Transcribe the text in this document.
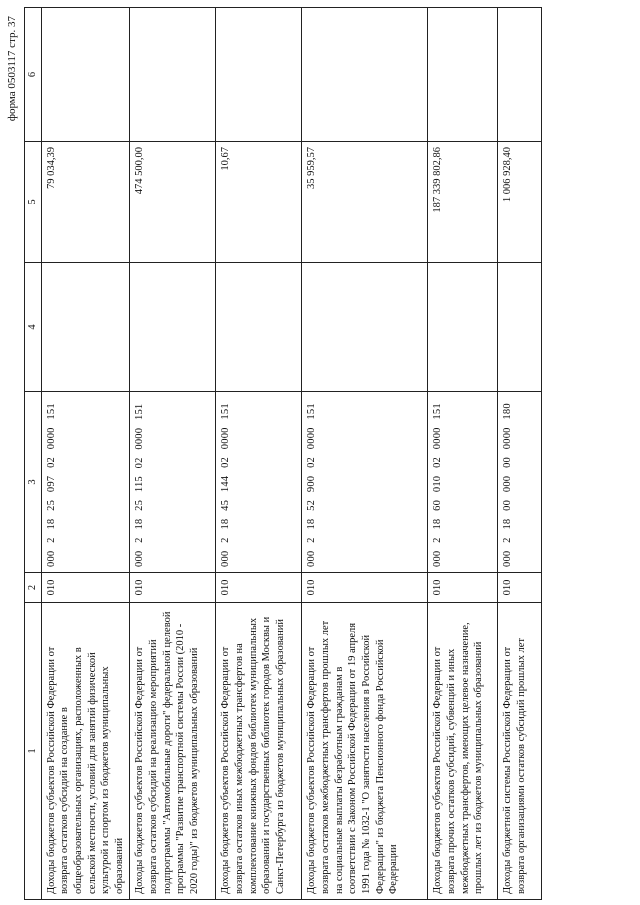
форма 0503117 стр. 37
1	2	3	4	5	6
Доходы бюджетов субъектов Российской Федерации от возврата остатков субсидий на создание в общеобразовательных организациях, расположенных в сельской местности, условий для занятий физической культурой и спортом из бюджетов муниципальных образований	010	000 2 18 25 097 02 0000 151		79 034,39	
Доходы бюджетов субъектов Российской Федерации от возврата остатков субсидий на реализацию мероприятий подпрограммы "Автомобильные дороги" федеральной целевой программы "Развитие транспортной системы России (2010 - 2020 годы)" из бюджетов муниципальных образований	010	000 2 18 25 115 02 0000 151		474 500,00	
Доходы бюджетов субъектов Российской Федерации от возврата остатков иных межбюджетных трансфертов на комплектование книжных фондов библиотек муниципальных образований и государственных библиотек городов Москвы и Санкт-Петербурга из бюджетов муниципальных образований	010	000 2 18 45 144 02 0000 151		10,67	
Доходы бюджетов субъектов Российской Федерации от возврата остатков межбюджетных трансфертов прошлых лет на социальные выплаты безработным гражданам в соответствии с Законом Российской Федерации от 19 апреля 1991 года № 1032-1 "О занятости населения в Российской Федерации" из бюджета Пенсионного фонда Российской Федерации	010	000 2 18 52 900 02 0000 151		35 959,57	
Доходы бюджетов субъектов Российской Федерации от возврата прочих остатков субсидий, субвенций и иных межбюджетных трансфертов, имеющих целевое назначение, прошлых лет из бюджетов муниципальных образований	010	000 2 18 60 010 02 0000 151		187 339 802,86	
Доходы бюджетной системы Российской Федерации от возврата организациями остатков субсидий прошлых лет	010	000 2 18 00 000 00 0000 180		1 006 928,40	
